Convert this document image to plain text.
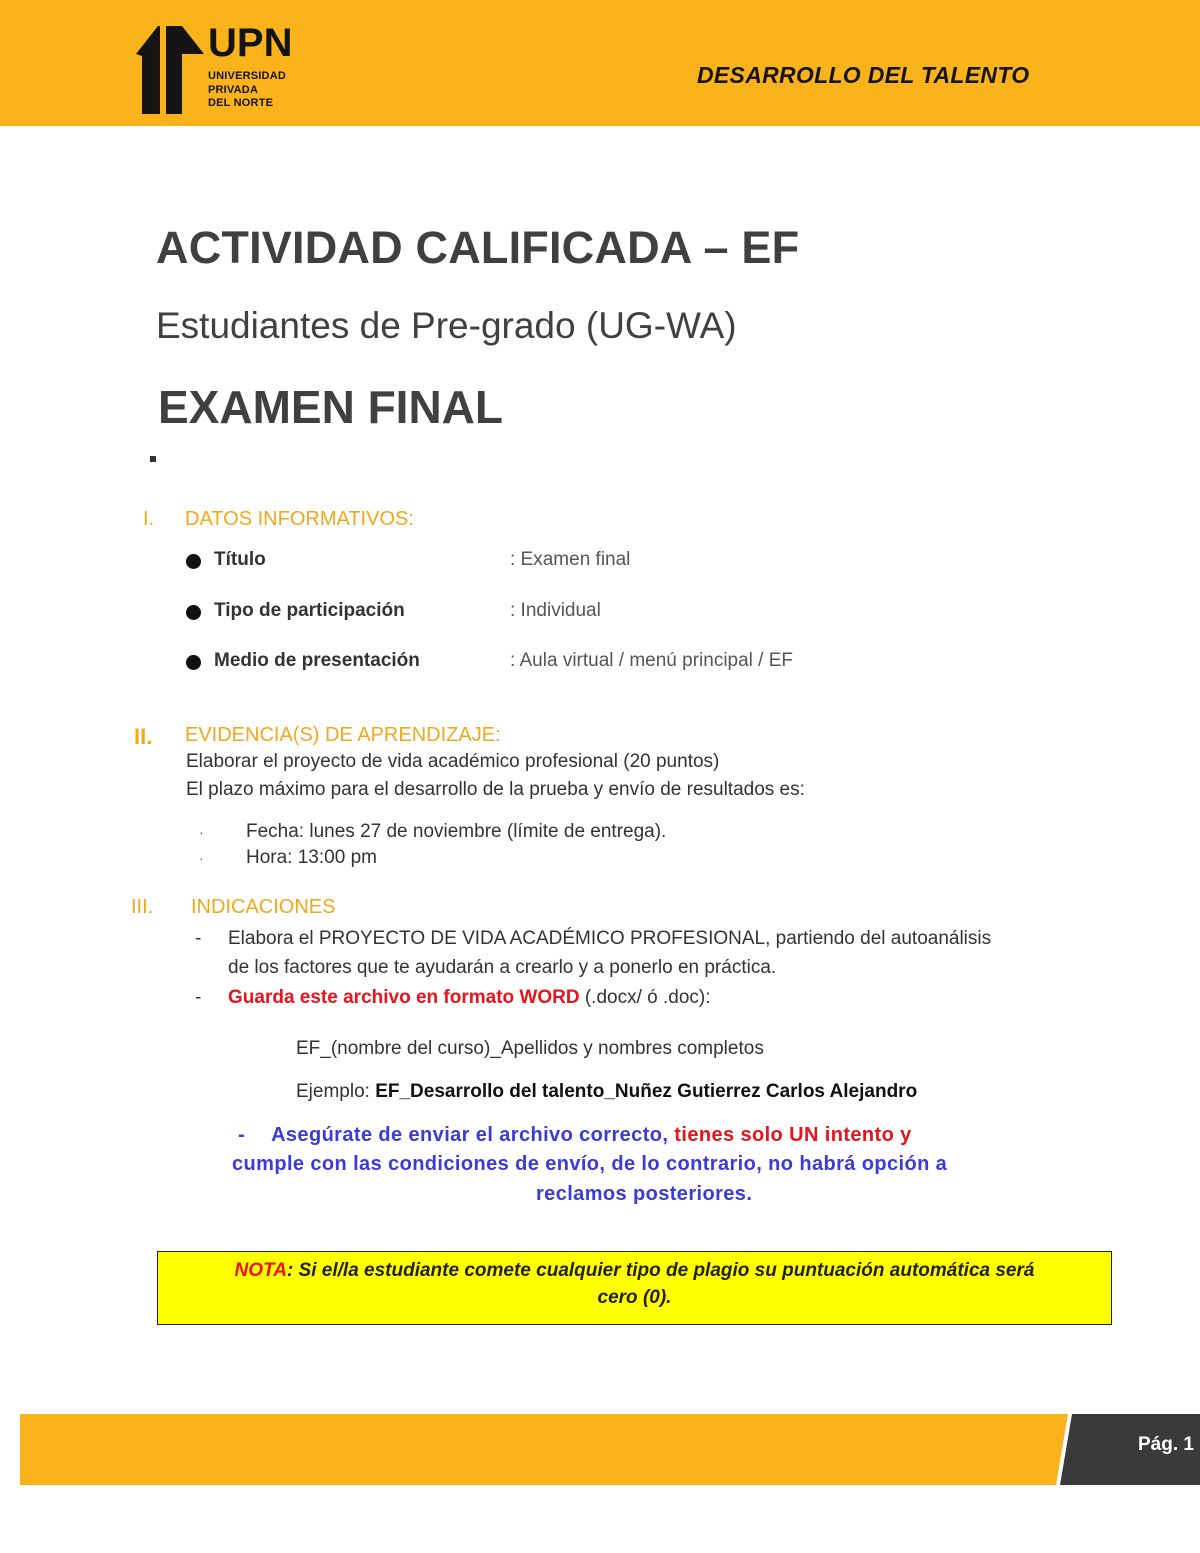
UPN
UNIVERSIDAD
PRIVADA
DEL NORTE
DESARROLLO DEL TALENTO
ACTIVIDAD CALIFICADA – EF
Estudiantes de Pre-grado (UG-WA)
EXAMEN FINAL
I. DATOS INFORMATIVOS:
Título	: Examen final
Tipo de participación	: Individual
Medio de presentación	: Aula virtual / menú principal / EF
II. EVIDENCIA(S) DE APRENDIZAJE:
Elaborar el proyecto de vida académico profesional (20 puntos)
El plazo máximo para el desarrollo de la prueba y envío de resultados es:
· Fecha: lunes 27 de noviembre (límite de entrega).
· Hora: 13:00 pm
III. INDICACIONES
- Elabora el PROYECTO DE VIDA ACADÉMICO PROFESIONAL, partiendo del autoanálisis
de los factores que te ayudarán a crearlo y a ponerlo en práctica.
- Guarda este archivo en formato WORD (.docx/ ó .doc):
EF_(nombre del curso)_Apellidos y nombres completos
Ejemplo: EF_Desarrollo del talento_Nuñez Gutierrez Carlos Alejandro
- Asegúrate de enviar el archivo correcto, tienes solo UN intento y
cumple con las condiciones de envío, de lo contrario, no habrá opción a
reclamos posteriores.
NOTA: Si el/la estudiante comete cualquier tipo de plagio su puntuación automática será
cero (0).
Pág. 1
